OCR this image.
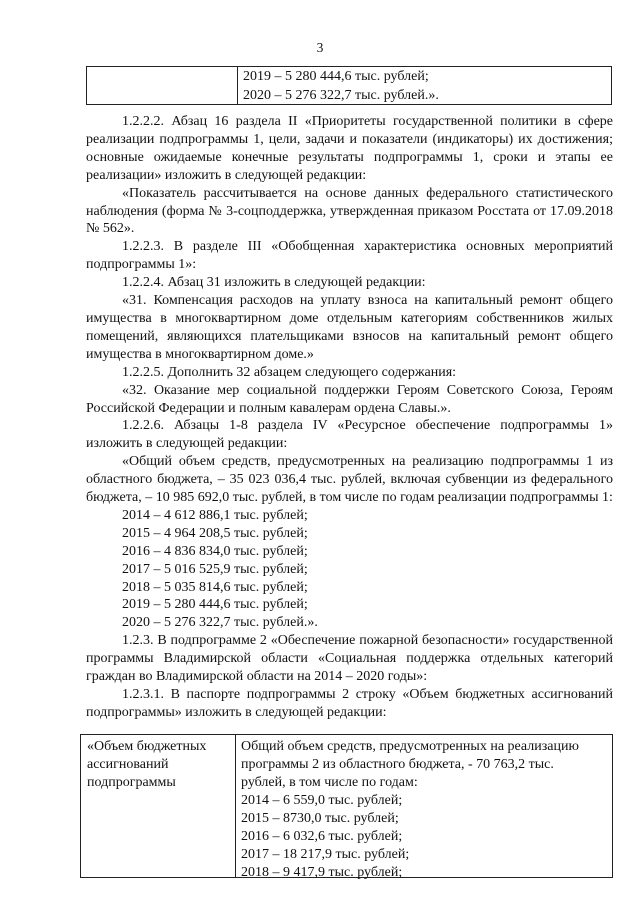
3
2019 – 5 280 444,6 тыс. рублей;
2020 – 5 276 322,7 тыс. рублей.».

1.2.2.2. Абзац 16 раздела II «Приоритеты государственной политики в сфере реализации подпрограммы 1, цели, задачи и показатели (индикаторы) их достижения; основные ожидаемые конечные результаты подпрограммы 1, сроки и этапы ее реализации» изложить в следующей редакции:

«Показатель рассчитывается на основе данных федерального статистического наблюдения (форма № 3-соцподдержка, утвержденная приказом Росстата от 17.09.2018 № 562».

1.2.2.3. В разделе III «Обобщенная характеристика основных мероприятий подпрограммы 1»:

1.2.2.4. Абзац 31 изложить в следующей редакции:

«31. Компенсация расходов на уплату взноса на капитальный ремонт общего имущества в многоквартирном доме отдельным категориям собственников жилых помещений, являющихся плательщиками взносов на капитальный ремонт общего имущества в многоквартирном доме.»

1.2.2.5. Дополнить 32 абзацем следующего содержания:

«32. Оказание мер социальной поддержки Героям Советского Союза, Героям Российской Федерации и полным кавалерам ордена Славы.».

1.2.2.6. Абзацы 1-8 раздела IV «Ресурсное обеспечение подпрограммы 1» изложить в следующей редакции:

«Общий объем средств, предусмотренных на реализацию подпрограммы 1 из областного бюджета, – 35 023 036,4 тыс. рублей, включая субвенции из федерального бюджета, – 10 985 692,0 тыс. рублей, в том числе по годам реализации подпрограммы 1:

2014 – 4 612 886,1 тыс. рублей;

2015 – 4 964 208,5 тыс. рублей;

2016 – 4 836 834,0 тыс. рублей;

2017 – 5 016 525,9 тыс. рублей;

2018 – 5 035 814,6 тыс. рублей;

2019 – 5 280 444,6 тыс. рублей;

2020 – 5 276 322,7 тыс. рублей.».

1.2.3. В подпрограмме 2 «Обеспечение пожарной безопасности» государственной программы Владимирской области «Социальная поддержка отдельных категорий граждан во Владимирской области на 2014 – 2020 годы»:

1.2.3.1. В паспорте подпрограммы 2 строку «Объем бюджетных ассигнований подпрограммы» изложить в следующей редакции:

«Объем бюджетных
ассигнований
подпрограммы
Общий объем средств, предусмотренных на реализацию
программы 2 из областного бюджета, - 70 763,2 тыс.
рублей, в том числе по годам:
2014 – 6 559,0 тыс. рублей;
2015 – 8730,0 тыс. рублей;
2016 – 6 032,6 тыс. рублей;
2017 – 18 217,9 тыс. рублей;
2018 – 9 417,9 тыс. рублей;
